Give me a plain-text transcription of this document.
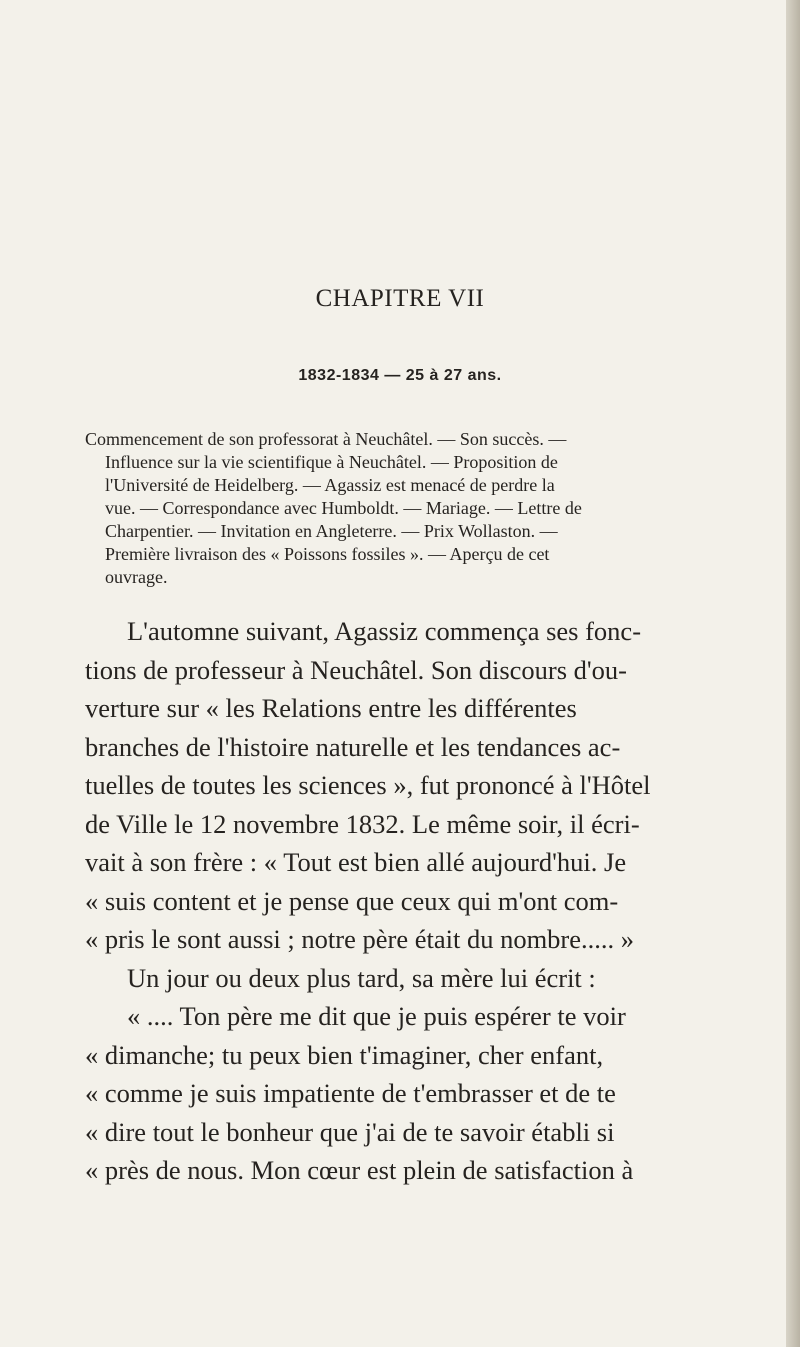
CHAPITRE VII
1832-1834 — 25 à 27 ans.
Commencement de son professorat à Neuchâtel. — Son succès. —
Influence sur la vie scientifique à Neuchâtel. — Proposition de
l'Université de Heidelberg. — Agassiz est menacé de perdre la
vue. — Correspondance avec Humboldt. — Mariage. — Lettre de
Charpentier. — Invitation en Angleterre. — Prix Wollaston. —
Première livraison des « Poissons fossiles ». — Aperçu de cet
ouvrage.
L'automne suivant, Agassiz commença ses fonc-
tions de professeur à Neuchâtel. Son discours d'ou-
verture sur « les Relations entre les différentes
branches de l'histoire naturelle et les tendances ac-
tuelles de toutes les sciences », fut prononcé à l'Hôtel
de Ville le 12 novembre 1832. Le même soir, il écri-
vait à son frère : « Tout est bien allé aujourd'hui. Je
« suis content et je pense que ceux qui m'ont com-
« pris le sont aussi ; notre père était du nombre..... »
Un jour ou deux plus tard, sa mère lui écrit :
« .... Ton père me dit que je puis espérer te voir
« dimanche; tu peux bien t'imaginer, cher enfant,
« comme je suis impatiente de t'embrasser et de te
« dire tout le bonheur que j'ai de te savoir établi si
« près de nous. Mon cœur est plein de satisfaction à
